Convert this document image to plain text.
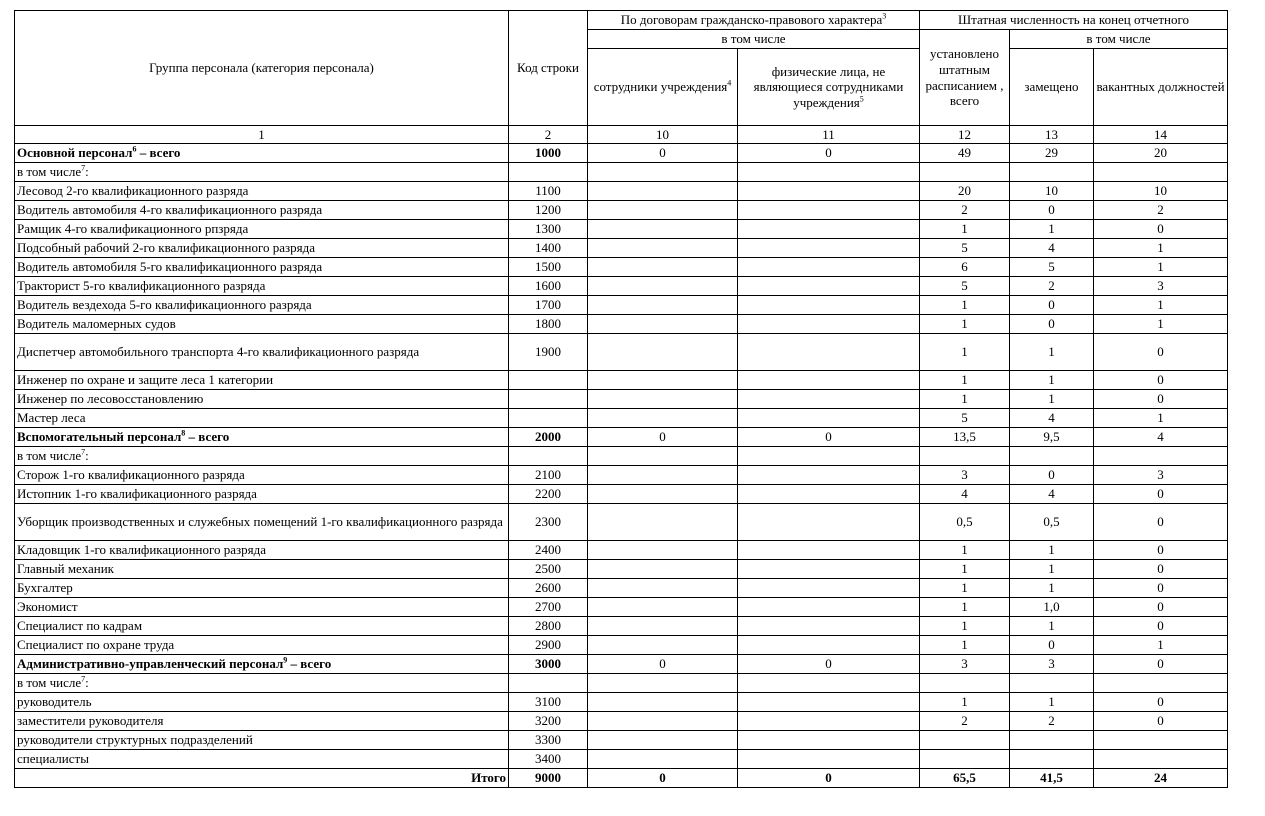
Группа персонала (категория персонала)	Код строки	По договорам гражданско-правового характера$^3$		Штатная численность на конец отчетного		
		в том числе		установлено штатным расписанием , всего	в том числе	
		сотрудники учреждения$^4$	физические лица, не являющиеся сотрудниками учреждения$^5$		замещено	вакантных должностей
1	2	10	11	12	13	14
Основной персонал$^6$ – всего	1000	0	0	49	29	20
в том числе$^7$:						
Лесовод 2-го квалификационного разряда	1100			20	10	10
Водитель автомобиля 4-го квалификационного разряда	1200			2	0	2
Рамщик 4-го квалификационного рпзряда	1300			1	1	0
Подсобный рабочий 2-го квалификационного разряда	1400			5	4	1
Водитель автомобиля 5-го квалификационного разряда	1500			6	5	1
Тракторист 5-го квалификационного разряда	1600			5	2	3
Водитель вездехода 5-го квалификационного разряда	1700			1	0	1
Водитель маломерных судов	1800			1	0	1
Диспетчер автомобильного транспорта 4-го квалификационного разряда	1900			1	1	0
Инженер по охране и защите леса 1 категории				1	1	0
Инженер по лесовосстановлению				1	1	0
Мастер леса				5	4	1
Вспомогательный персонал$^8$ – всего	2000	0	0	13,5	9,5	4
в том числе$^7$:						
Сторож 1-го квалификационного разряда	2100			3	0	3
Истопник 1-го квалификационного разряда	2200			4	4	0
Уборщик производственных и служебных помещений 1-го квалификационного разряда	2300			0,5	0,5	0
Кладовщик 1-го квалификационного разряда	2400			1	1	0
Главный механик	2500			1	1	0
Бухгалтер	2600			1	1	0
Экономист	2700			1	1,0	0
Специалист по кадрам	2800			1	1	0
Специалист по охране труда	2900			1	0	1
Административно-управленческий персонал$^9$ – всего	3000	0	0	3	3	0
в том числе$^7$:						
руководитель	3100			1	1	0
заместители руководителя	3200			2	2	0
руководители структурных подразделений	3300					
специалисты	3400					
Итого	9000	0	0	65,5	41,5	24
